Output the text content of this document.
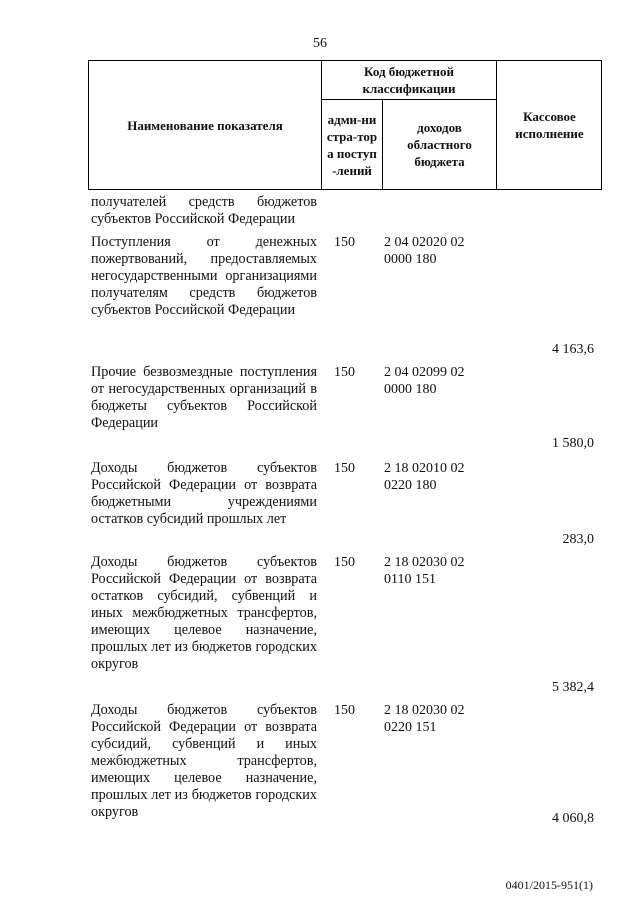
56
Наименование показателя
Код бюджетной классификации
адми-нистра-тора поступ-лений
доходов областного бюджета
Кассовое исполнение
получателей средств бюджетов субъектов Российской Федерации
Поступления от денежных пожертвований, предоставляемых негосударственными организациями получателям средств бюджетов субъектов Российской Федерации
150 2 04 02020 02 0000 180
4 163,6
Прочие безвозмездные поступления от негосударственных организаций в бюджеты субъектов Российской Федерации
150 2 04 02099 02 0000 180
1 580,0
Доходы бюджетов субъектов Российской Федерации от возврата бюджетными учреждениями остатков субсидий прошлых лет
150 2 18 02010 02 0220 180
283,0
Доходы бюджетов субъектов Российской Федерации от возврата остатков субсидий, субвенций и иных межбюджетных трансфертов, имеющих целевое назначение, прошлых лет из бюджетов городских округов
150 2 18 02030 02 0110 151
5 382,4
Доходы бюджетов субъектов Российской Федерации от возврата субсидий, субвенций и иных межбюджетных трансфертов, имеющих целевое назначение, прошлых лет из бюджетов городских округов
150 2 18 02030 02 0220 151
4 060,8
0401/2015-951(1)
